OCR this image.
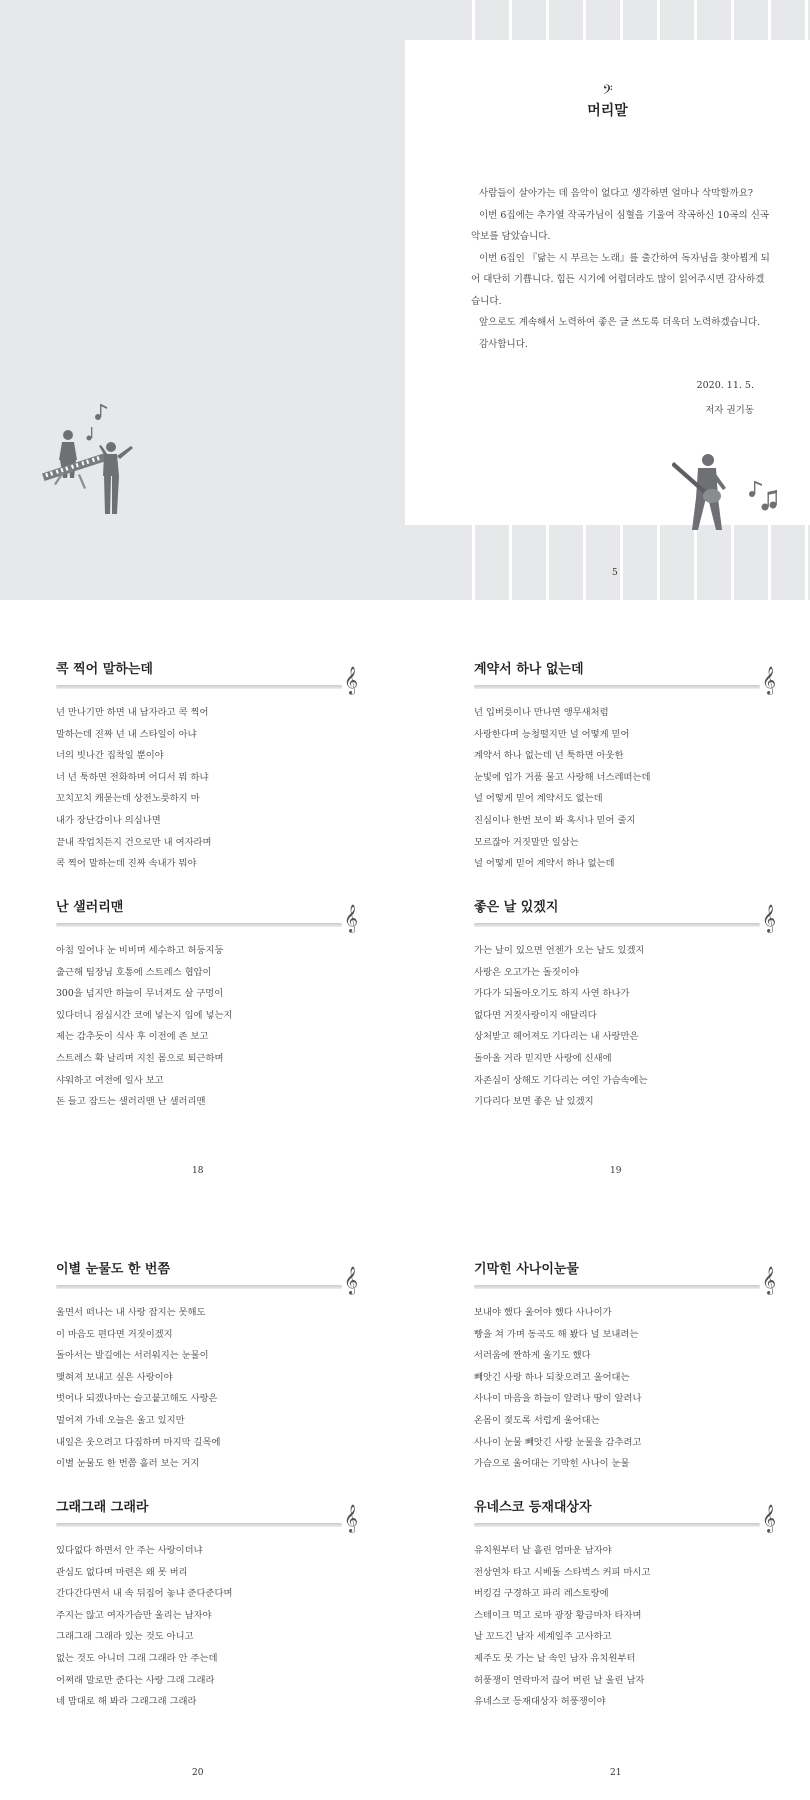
𝄢
머리말

사람들이 살아가는 데 음악이 없다고 생각하면 얼마나 삭막할까요?

이번 6집에는 추가열 작곡가님이 심혈을 기울여 작곡하신 10곡의 신곡 악보를 담았습니다.

이번 6집인 『닮는 시 부르는 노래』를 출간하여 독자님을 찾아뵙게 되어 대단히 기쁩니다. 힘든 시기에 어렵더라도 많이 읽어주시면 감사하겠습니다.

앞으로도 계속해서 노력하여 좋은 글 쓰도록 더욱더 노력하겠습니다.

감사합니다.

2020. 11. 5.
저자 권기동
5
콕 찍어 말하는데	𝄞
넌 만나기만 하면 내 남자라고 콕 찍어
말하는데 진짜 넌 내 스타일이 아냐
너의 빗나간 집착일 뿐이야
너 넌 툭하면 전화하며 어디서 뭐 하냐
꼬치꼬치 캐묻는데 상전노릇하지 마
내가 장난감이나 의심나면
끝내 작업치든지 건으로만 내 여자라며
콕 찍어 말하는데 진짜 속내가 뭐야
난 샐러리맨	𝄞
아침 일어나 눈 비비며 세수하고 허둥지둥
출근해 팀장님 호통에 스트레스 협압이
300을 넘지만 하늘이 무너져도 살 구멍이
있다더니 점심시간 코에 넣는지 입에 넣는지
제는 감추듯이 식사 후 이전에 존 보고
스트레스 확 날리며 지친 몸으로 퇴근하며
샤워하고 여전에 일사 보고
돈 들고 잠드는 샐러리맨 난 샐러리맨
18
계약서 하나 없는데	𝄞
넌 입버릇이나 만나면 앵무새처럼
사랑한다며 능청떨지만 널 어떻게 믿어
계약서 하나 없는데 넌 툭하면 아웃한
눈빛에 입가 거품 물고 사랑해 너스레떠는데
널 어떻게 믿어 계약서도 없는데
진심이나 한번 보이 봐 혹시나 믿어 줄지
모르잖아 거짓말만 일삼는
널 어떻게 믿어 계약서 하나 없는데
좋은 날 있겠지	𝄞
가는 날이 있으면 언젠가 오는 날도 있겠지
사랑은 오고가는 돌짓이야
가다가 되돌아오기도 하지 사연 하나가
없다면 거짓사랑이지 애달리다
상처받고 헤어져도 기다리는 내 사랑만은
돌아올 거라 믿지만 사랑에 신새에
자존심이 상해도 기다리는 여인 가슴속에는
기다리다 보면 좋은 날 있겠지
19
이별 눈물도 한 번쯤	𝄞
울면서 떠나는 내 사랑 잡지는 못해도
이 마음도 편다면 거짓이겠지
돌아서는 발길에는 서러워지는 눈물이
맺혀져 보내고 싶은 사랑이야
벗어나 되겠나마는 슬고붙고해도 사랑은
멀어져 가네 오늘은 울고 있지만
내일은 웃으려고 다짐하며 마지막 길목에
이별 눈물도 한 번쯤 흘러 보는 거지
그래그래 그래라	𝄞
있다없다 하면서 안 주는 사랑이더냐
관심도 없다며 마련은 왜 못 버리
간다간다면서 내 속 뒤집어 놓냐 준다준다며
주지는 않고 여자가슴만 울리는 남자야
그래그래 그래라 있는 것도 아니고
없는 것도 아니더 그래 그래라 안 주는데
어쩌래 말로만 준다는 사랑 그래 그래라
네 맘대로 해 봐라 그래그래 그래라
20
기막힌 사나이눈물	𝄞
보내야 했다 울어야 했다 사나이가
빵을 쳐 가며 동곡도 해 봤다 널 보내려는
서러움에 짠하게 울기도 했다
빼앗긴 사랑 하나 되찾으려고 울어대는
사나이 마음을 하늘이 알려나 땅이 알려나
온몸이 젖도록 서럽게 울어대는
사나이 눈물 빼앗긴 사랑 눈물을 감추려고
가슴으로 울어대는 기막힌 사나이 눈물
유네스코 등재대상자	𝄞
유치원부터 날 흘린 엄마운 남자야
전상연차 타고 시베돌 스타벅스 커피 마시고
버킹검 구경하고 파리 레스토랑에
스테이크 먹고 로마 광장 황금마차 타자며
날 꼬드긴 남자 세계일주 고사하고
제주도 못 가는 날 속인 남자 유치원부터
허풍쟁이 연락마저 끊어 버린 날 울린 남자
유네스코 등재대상자 허풍쟁이야
21
